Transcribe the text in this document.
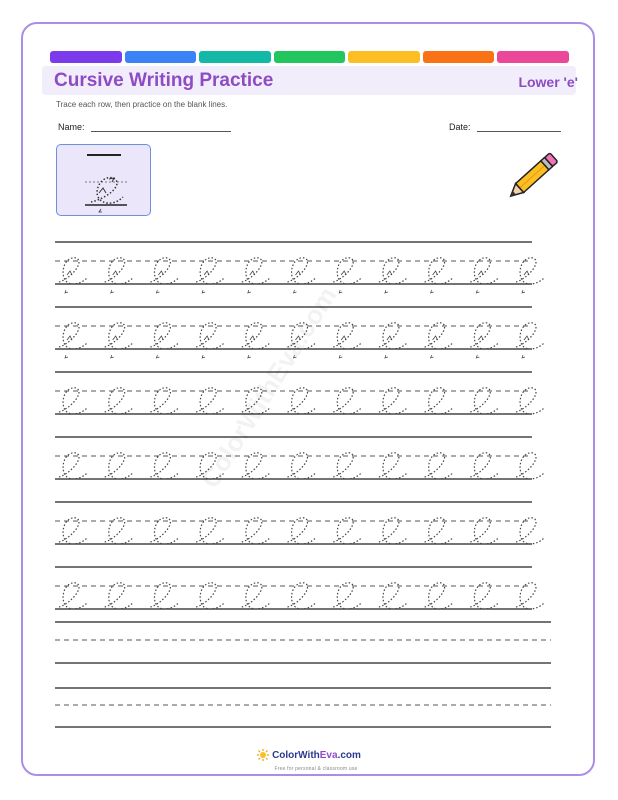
Cursive Writing Practice	Lower 'e'
Trace each row, then practice on the blank lines.
Name:	Date:
ColorWithEva.com
ColorWithEva.com
Free for personal & classroom use
